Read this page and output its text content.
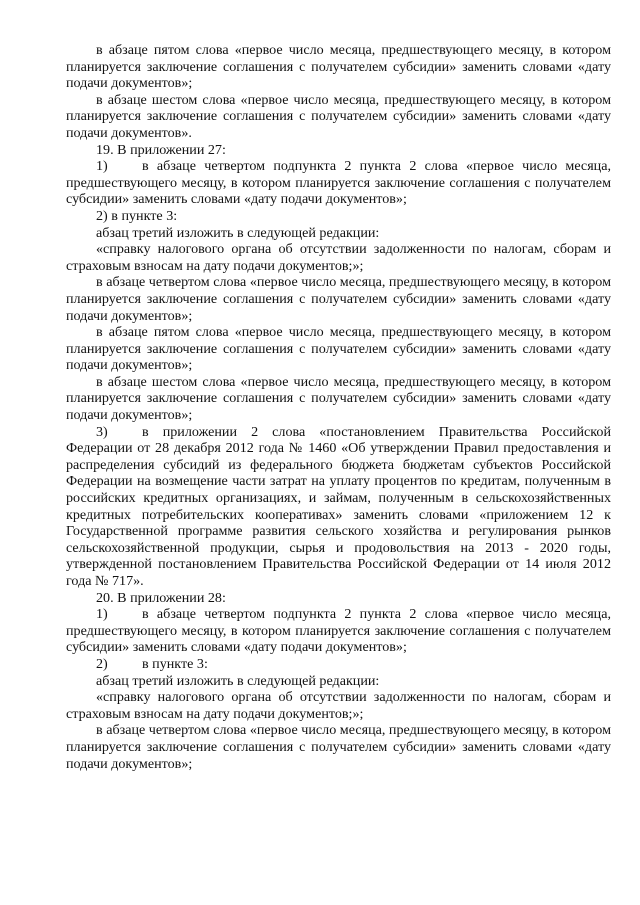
в абзаце пятом слова «первое число месяца, предшествующего месяцу, в котором планируется заключение соглашения с получателем субсидии» заменить словами «дату подачи документов»;

в абзаце шестом слова «первое число месяца, предшествующего месяцу, в котором планируется заключение соглашения с получателем субсидии» заменить словами «дату подачи документов».

19. В приложении 27:

1) в абзаце четвертом подпункта 2 пункта 2 слова «первое число месяца, предшествующего месяцу, в котором планируется заключение соглашения с получателем субсидии» заменить словами «дату подачи документов»;

2) в пункте 3:

абзац третий изложить в следующей редакции:

«справку налогового органа об отсутствии задолженности по налогам, сборам и страховым взносам на дату подачи документов;»;

в абзаце четвертом слова «первое число месяца, предшествующего месяцу, в котором планируется заключение соглашения с получателем субсидии» заменить словами «дату подачи документов»;

в абзаце пятом слова «первое число месяца, предшествующего месяцу, в котором планируется заключение соглашения с получателем субсидии» заменить словами «дату подачи документов»;

в абзаце шестом слова «первое число месяца, предшествующего месяцу, в котором планируется заключение соглашения с получателем субсидии» заменить словами «дату подачи документов»;

3) в приложении 2 слова «постановлением Правительства Российской Федерации от 28 декабря 2012 года № 1460 «Об утверждении Правил предоставления и распределения субсидий из федерального бюджета бюджетам субъектов Российской Федерации на возмещение части затрат на уплату процентов по кредитам, полученным в российских кредитных организациях, и займам, полученным в сельскохозяйственных кредитных потребительских кооперативах» заменить словами «приложением 12 к Государственной программе развития сельского хозяйства и регулирования рынков сельскохозяйственной продукции, сырья и продовольствия на 2013 - 2020 годы, утвержденной постановлением Правительства Российской Федерации от 14 июля 2012 года № 717».

20. В приложении 28:

1) в абзаце четвертом подпункта 2 пункта 2 слова «первое число месяца, предшествующего месяцу, в котором планируется заключение соглашения с получателем субсидии» заменить словами «дату подачи документов»;

2) в пункте 3:

абзац третий изложить в следующей редакции:

«справку налогового органа об отсутствии задолженности по налогам, сборам и страховым взносам на дату подачи документов;»;

в абзаце четвертом слова «первое число месяца, предшествующего месяцу, в котором планируется заключение соглашения с получателем субсидии» заменить словами «дату подачи документов»;
